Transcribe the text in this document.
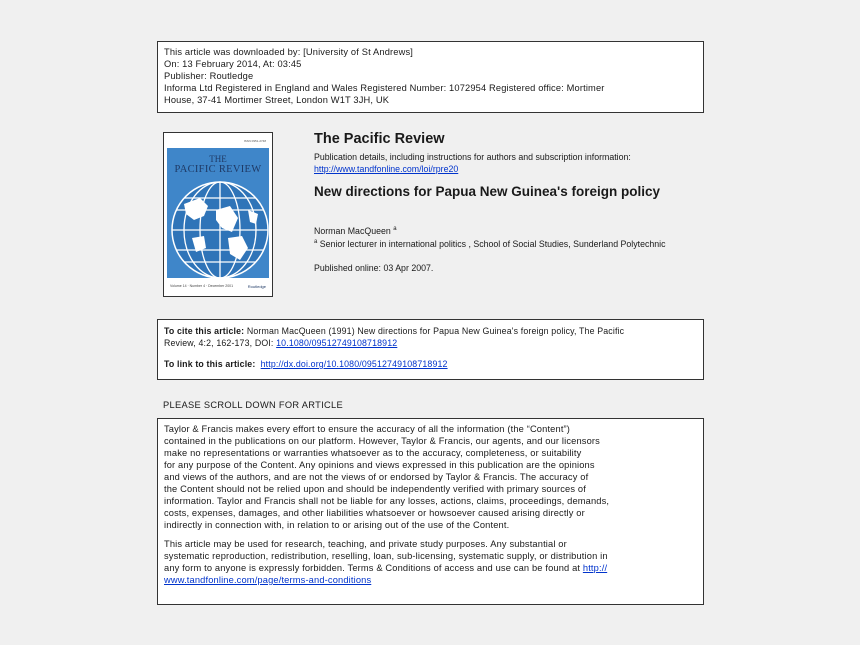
This article was downloaded by: [University of St Andrews]
On: 13 February 2014, At: 03:45
Publisher: Routledge
Informa Ltd Registered in England and Wales Registered Number: 1072954 Registered office: Mortimer
House, 37-41 Mortimer Street, London W1T 3JH, UK
ISSN 0951-2748
THE
PACIFIC REVIEW
Volume 14 · Number 4 · December 2001	Routledge
The Pacific Review
Publication details, including instructions for authors and subscription information:
http://www.tandfonline.com/loi/rpre20
New directions for Papua New Guinea's foreign policy
Norman MacQueen $^a$
$^a$ Senior lecturer in international politics , School of Social Studies, Sunderland Polytechnic
Published online: 03 Apr 2007.
To cite this article: Norman MacQueen (1991) New directions for Papua New Guinea's foreign policy, The Pacific
Review, 4:2, 162-173, DOI: 10.1080/09512749108718912
To link to this article: http://dx.doi.org/10.1080/09512749108718912
PLEASE SCROLL DOWN FOR ARTICLE
Taylor & Francis makes every effort to ensure the accuracy of all the information (the “Content”)
contained in the publications on our platform. However, Taylor & Francis, our agents, and our licensors
make no representations or warranties whatsoever as to the accuracy, completeness, or suitability
for any purpose of the Content. Any opinions and views expressed in this publication are the opinions
and views of the authors, and are not the views of or endorsed by Taylor & Francis. The accuracy of
the Content should not be relied upon and should be independently verified with primary sources of
information. Taylor and Francis shall not be liable for any losses, actions, claims, proceedings, demands,
costs, expenses, damages, and other liabilities whatsoever or howsoever caused arising directly or
indirectly in connection with, in relation to or arising out of the use of the Content.
This article may be used for research, teaching, and private study purposes. Any substantial or
systematic reproduction, redistribution, reselling, loan, sub-licensing, systematic supply, or distribution in
any form to anyone is expressly forbidden. Terms & Conditions of access and use can be found at http://
www.tandfonline.com/page/terms-and-conditions
